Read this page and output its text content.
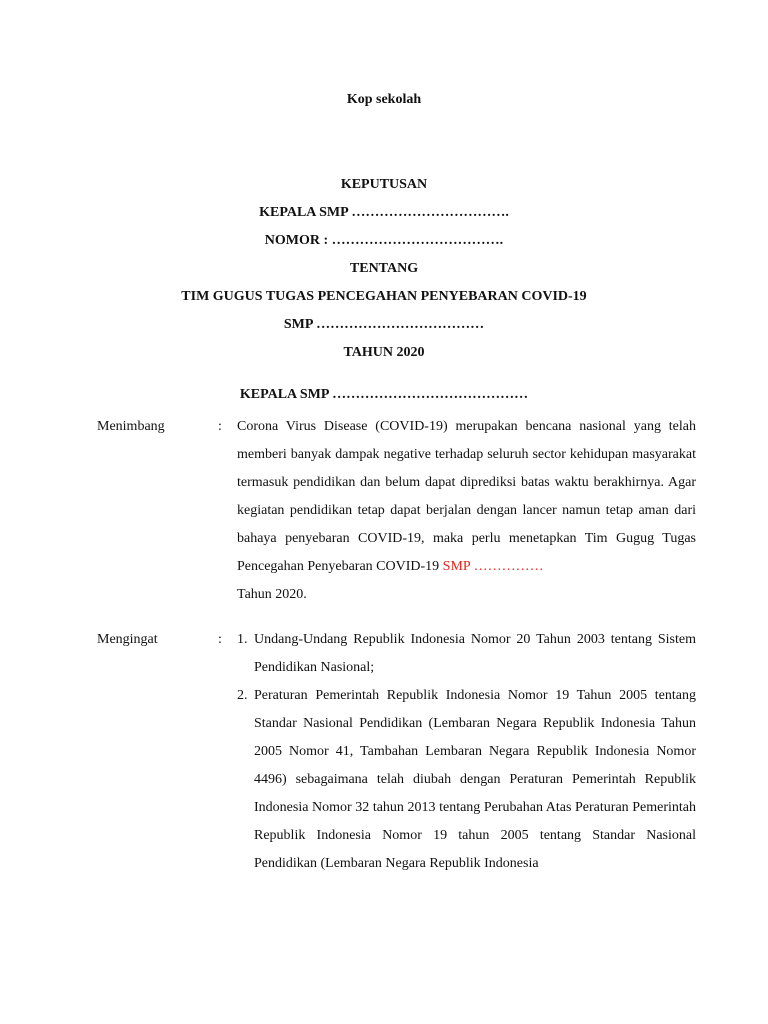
Kop sekolah
KEPUTUSAN
KEPALA SMP …………………………….
NOMOR : ……………………………….
TENTANG
TIM GUGUS TUGAS PENCEGAHAN PENYEBARAN COVID-19
SMP ………………………………
TAHUN 2020
KEPALA SMP ……………………………………
Menimbang	: Corona Virus Disease (COVID-19) merupakan bencana nasional yang telah memberi banyak dampak negative terhadap seluruh sector kehidupan masyarakat termasuk pendidikan dan belum dapat diprediksi batas waktu berakhirnya. Agar kegiatan pendidikan tetap dapat berjalan dengan lancer namun tetap aman dari bahaya penyebaran COVID-19, maka perlu menetapkan Tim Gugug Tugas Pencegahan Penyebaran COVID-19 SMP ……………
Tahun 2020.
Mengingat	: 1. Undang-Undang Republik Indonesia Nomor 20 Tahun 2003 tentang Sistem Pendidikan Nasional;
2. Peraturan Pemerintah Republik Indonesia Nomor 19 Tahun 2005 tentang Standar Nasional Pendidikan (Lembaran Negara Republik Indonesia Tahun 2005 Nomor 41, Tambahan Lembaran Negara Republik Indonesia Nomor 4496) sebagaimana telah diubah dengan Peraturan Pemerintah Republik Indonesia Nomor 32 tahun 2013 tentang Perubahan Atas Peraturan Pemerintah Republik Indonesia Nomor 19 tahun 2005 tentang Standar Nasional Pendidikan (Lembaran Negara Republik Indonesia
